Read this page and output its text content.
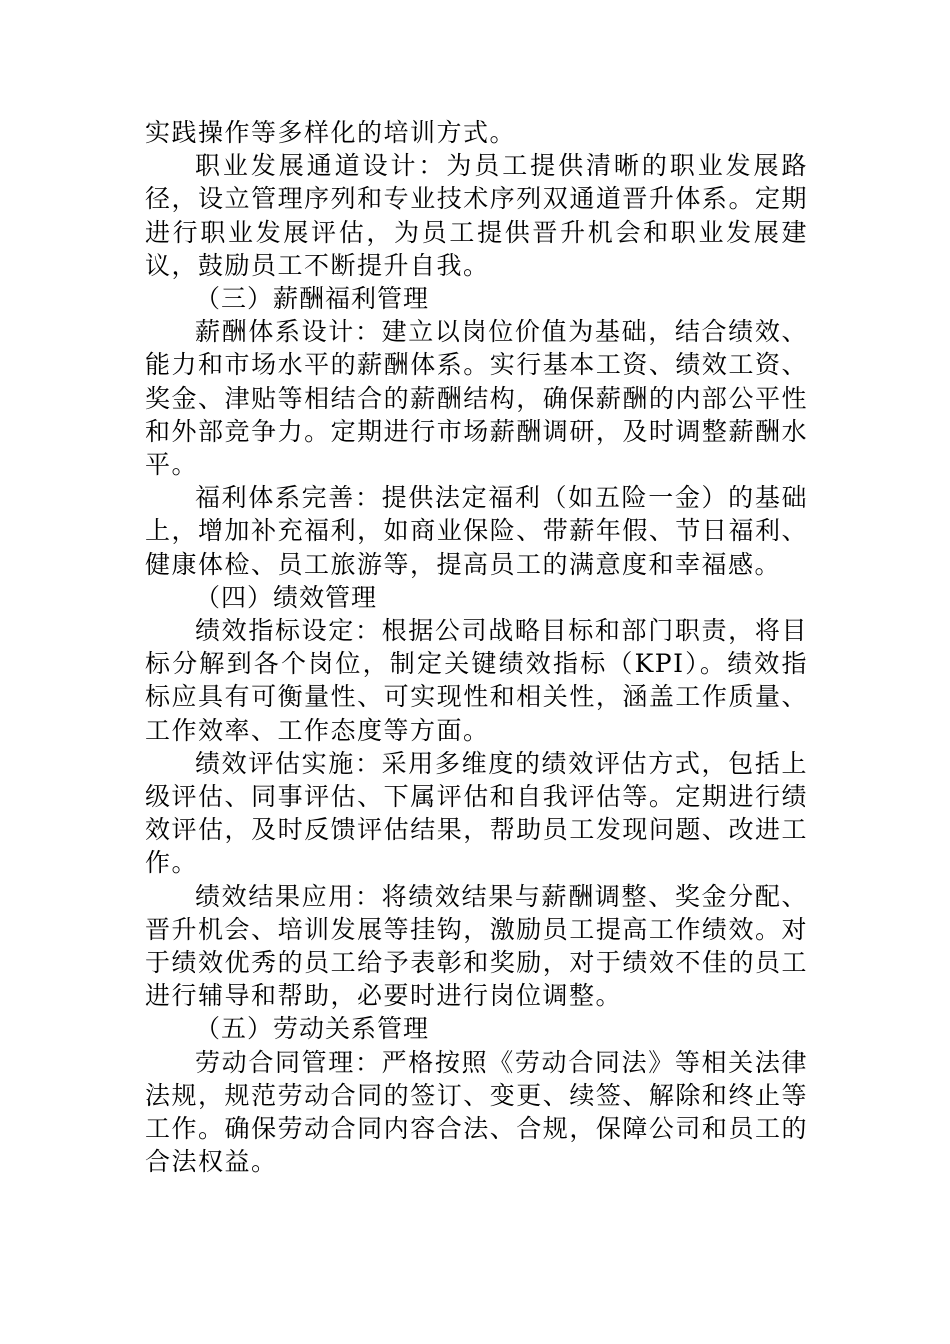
实践操作等多样化的培训方式。

职业发展通道设计：为员工提供清晰的职业发展路径，设立管理序列和专业技术序列双通道晋升体系。定期进行职业发展评估，为员工提供晋升机会和职业发展建议，鼓励员工不断提升自我。

（三）薪酬福利管理

薪酬体系设计：建立以岗位价值为基础，结合绩效、能力和市场水平的薪酬体系。实行基本工资、绩效工资、奖金、津贴等相结合的薪酬结构，确保薪酬的内部公平性和外部竞争力。定期进行市场薪酬调研，及时调整薪酬水平。

福利体系完善：提供法定福利（如五险一金）的基础上，增加补充福利，如商业保险、带薪年假、节日福利、健康体检、员工旅游等，提高员工的满意度和幸福感。

（四）绩效管理

绩效指标设定：根据公司战略目标和部门职责，将目标分解到各个岗位，制定关键绩效指标（KPI）。绩效指标应具有可衡量性、可实现性和相关性，涵盖工作质量、工作效率、工作态度等方面。

绩效评估实施：采用多维度的绩效评估方式，包括上级评估、同事评估、下属评估和自我评估等。定期进行绩效评估，及时反馈评估结果，帮助员工发现问题、改进工作。

绩效结果应用：将绩效结果与薪酬调整、奖金分配、晋升机会、培训发展等挂钩，激励员工提高工作绩效。对于绩效优秀的员工给予表彰和奖励，对于绩效不佳的员工进行辅导和帮助，必要时进行岗位调整。

（五）劳动关系管理

劳动合同管理：严格按照《劳动合同法》等相关法律法规，规范劳动合同的签订、变更、续签、解除和终止等工作。确保劳动合同内容合法、合规，保障公司和员工的合法权益。
